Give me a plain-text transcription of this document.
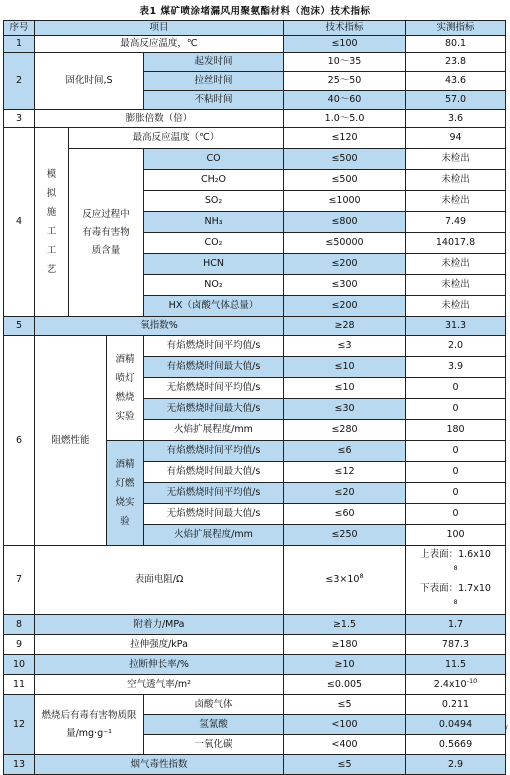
表1 煤矿喷涂堵漏风用聚氨酯材料（泡沫）技术指标
序号	项目				技术指标	实测指标
1	最高反应温度，℃				≤100	80.1
2	固化时间,S			起发时间	10～35	23.8
				拉丝时间	25～50	43.6
				不粘时间	40～60	57.0
3	膨胀倍数（倍）				1.0～5.0	3.6
4	模拟施工工艺	最高反应温度（℃）			≤120	94
		反应过程中有毒有害物质含量		CO	≤500	未检出
				CH₂O	≤500	未检出
				SO₂	≤1000	未检出
				NH₃	≤800	7.49
				CO₂	≤50000	14017.8
				HCN	≤200	未检出
				NO₂	≤300	未检出
				HX（卤酸气体总量）	≤200	未检出
5	氧指数%				≥28	31.3
6	阻燃性能		酒精喷灯燃烧实验	有焰燃烧时间平均值/s	≤3	2.0
				有焰燃烧时间最大值/s	≤10	3.9
				无焰燃烧时间平均值/s	≤10	0
				无焰燃烧时间最大值/s	≤30	0
				火焰扩展程度/mm	≤280	180
			酒精灯燃烧实验	有焰燃烧时间平均值/s	≤6	0
				有焰燃烧时间最大值/s	≤12	0
				无焰燃烧时间平均值/s	≤20	0
				无焰燃烧时间最大值/s	≤60	0
				火焰扩展程度/mm	≤250	100
7	表面电阻/Ω				$\le 3\times 10^8$	上表面：1.6x10
$^8$
下表面：1.7x10
$^8$

8	附着力/MPa				≥1.5	1.7
9	拉伸强度/kPa				≥180	787.3
10	拉断伸长率/%				≥10	11.5
11	空气透气率/m²				≤0.005	$2.4x10^{-10}$
12	燃烧后有毒有害物质限量/mg·g⁻¹			卤酸气体	≤5	0.211
				氢氰酸	<100	0.0494
				一氧化碳	<400	0.5669
13	烟气毒性指数				≤5	2.9
/
